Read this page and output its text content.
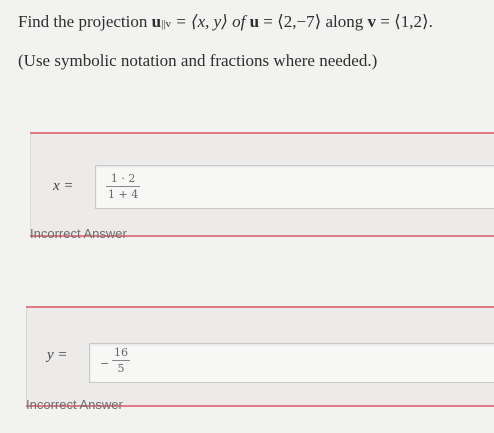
Find the projection u||v = ⟨x, y⟩ of u = ⟨2,−7⟩ along v = ⟨1,2⟩.
(Use symbolic notation and fractions where needed.)
x =	1 · 2
1 + 4
Incorrect Answer
y =
−
16
5
Incorrect Answer
